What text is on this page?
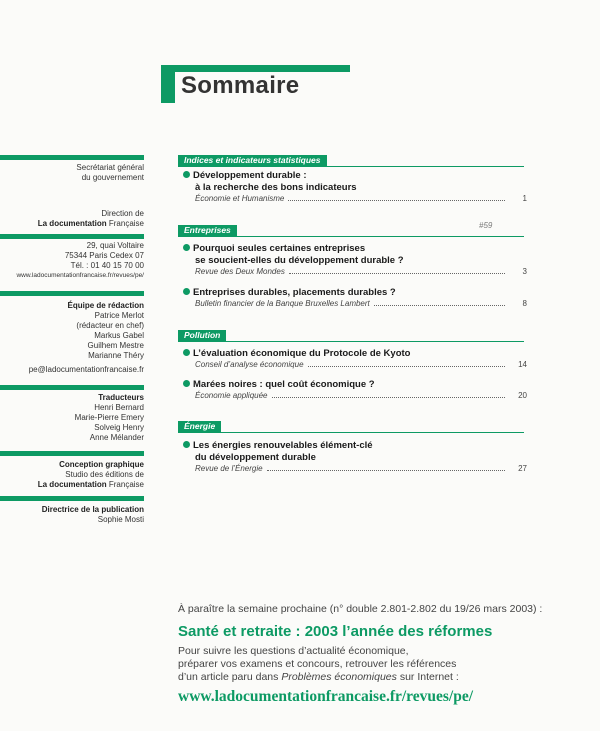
Sommaire
Secrétariat général
du gouvernement
Direction de
La documentation Française
29, quai Voltaire
75344 Paris Cedex 07
Tél. : 01 40 15 70 00
www.ladocumentationfrancaise.fr/revues/pe/
Équipe de rédaction
Patrice Merlot
(rédacteur en chef)
Markus Gabel
Guilhem Mestre
Marianne Théry
pe@ladocumentationfrancaise.fr
Traducteurs
Henri Bernard
Marie-Pierre Emery
Solveig Henry
Anne Mélander
Conception graphique
Studio des éditions de
La documentation Française
Directrice de la publication
Sophie Mosti
Indices et indicateurs statistiques
Développement durable :
à la recherche des bons indicateurs
Économie et Humanisme	1
Entreprises
Pourquoi seules certaines entreprises
se soucient-elles du développement durable ?
Revue des Deux Mondes	3
Entreprises durables, placements durables ?
Bulletin financier de la Banque Bruxelles Lambert	8
Pollution
L’évaluation économique du Protocole de Kyoto
Conseil d’analyse économique	14
Marées noires : quel coût économique ?
Économie appliquée	20
Énergie
Les énergies renouvelables élément-clé
du développement durable
Revue de l’Énergie	27
#59
À paraître la semaine prochaine (n° double 2.801-2.802 du 19/26 mars 2003) :
Santé et retraite : 2003 l’année des réformes
Pour suivre les questions d’actualité économique,
préparer vos examens et concours, retrouver les références
d’un article paru dans Problèmes économiques sur Internet :
www.ladocumentationfrancaise.fr/revues/pe/
